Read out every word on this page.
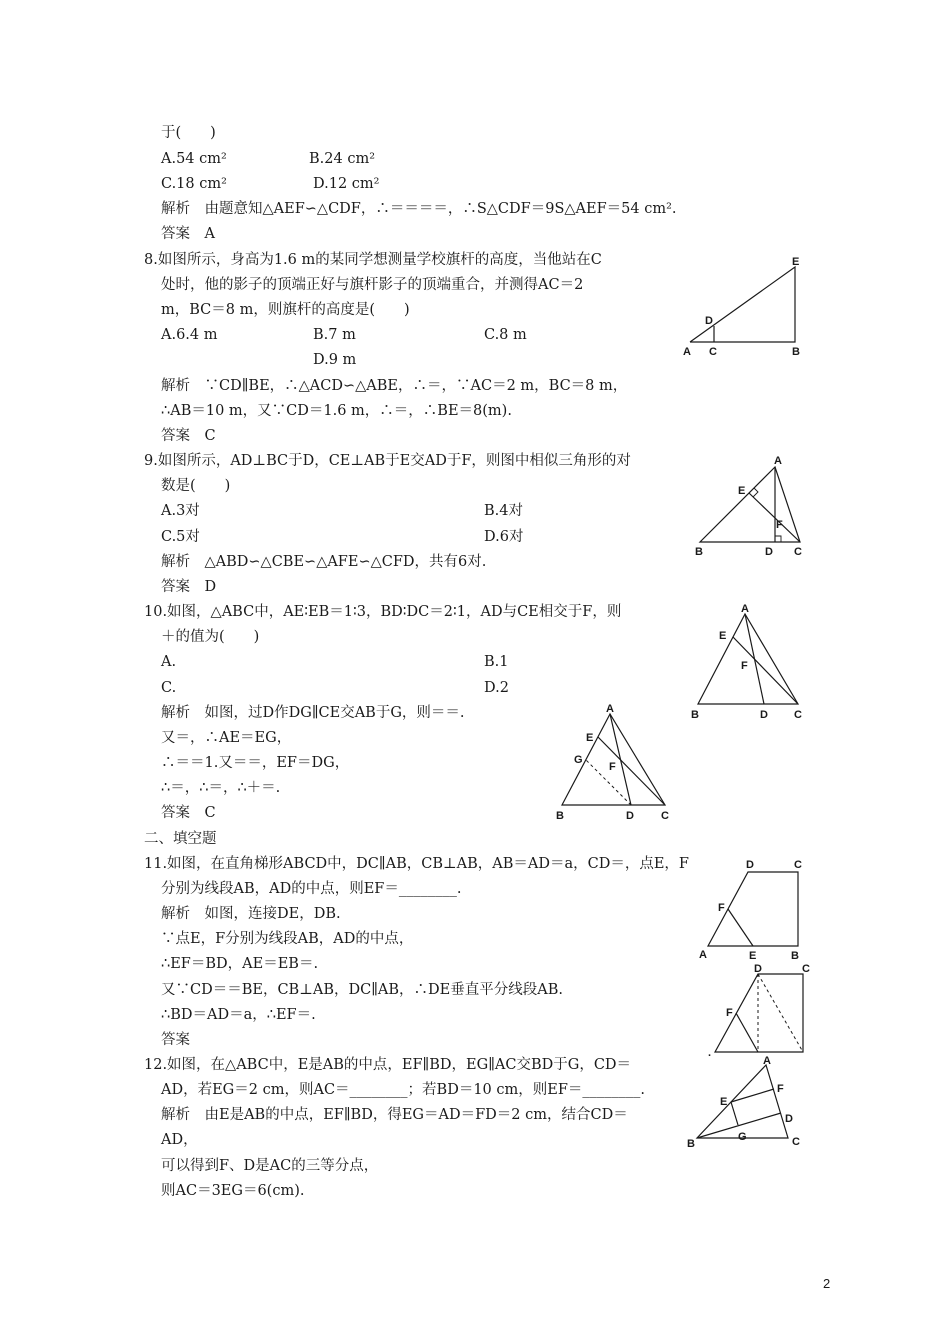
于(　　)
A.54 cm²	B.24 cm²
C.18 cm²	D.12 cm²
解析　由题意知△AEF∽△CDF，∴＝＝＝＝，∴S△CDF＝9S△AEF＝54 cm².
答案　A
8.如图所示，身高为1.6 m的某同学想测量学校旗杆的高度，当他站在C
处时，他的影子的顶端正好与旗杆影子的顶端重合，并测得AC＝2
m，BC＝8 m，则旗杆的高度是(　　)
A.6.4 m	B.7 m	C.8 m
D.9 m
解析　∵CD∥BE，∴△ACD∽△ABE，∴＝，∵AC＝2 m，BC＝8 m，
∴AB＝10 m，又∵CD＝1.6 m，∴＝，∴BE＝8(m).
答案　C
9.如图所示，AD⊥BC于D，CE⊥AB于E交AD于F，则图中相似三角形的对
数是(　　)
A.3对	B.4对
C.5对	D.6对
解析　△ABD∽△CBE∽△AFE∽△CFD，共有6对.
答案　D
10.如图，△ABC中，AE∶EB＝1∶3，BD∶DC＝2∶1，AD与CE相交于F，则
＋的值为(　　)
A.	B.1
C.	D.2
解析　如图，过D作DG∥CE交AB于G，则＝＝.
又＝，∴AE＝EG，
∴＝＝1.又＝＝，EF＝DG，
∴＝，∴＝，∴＋＝.
答案　C
二、填空题
11.如图，在直角梯形ABCD中，DC∥AB，CB⊥AB，AB＝AD＝a，CD＝，点E，F
分别为线段AB，AD的中点，则EF＝________.
解析　如图，连接DE，DB.
∵点E，F分别为线段AB，AD的中点，
∴EF＝BD，AE＝EB＝.
又∵CD＝＝BE，CB⊥AB，DC∥AB，∴DE垂直平分线段AB.
∴BD＝AD＝a，∴EF＝.
答案
12.如图，在△ABC中，E是AB的中点，EF∥BD，EG∥AC交BD于G，CD＝
AD，若EG＝2 cm，则AC＝________；若BD＝10 cm，则EF＝________.
解析　由E是AB的中点，EF∥BD，得EG＝AD＝FD＝2 cm，结合CD＝
AD，
可以得到F、D是AC的三等分点，
则AC＝3EG＝6(cm).
2
E
D
A C	B
A
E
F
B	D C
A
E
F
B	D C
A
E
G
F
B	D C
D	C
F
A	E	B
D	C
F
.
A
F
E
D
G
B	C
